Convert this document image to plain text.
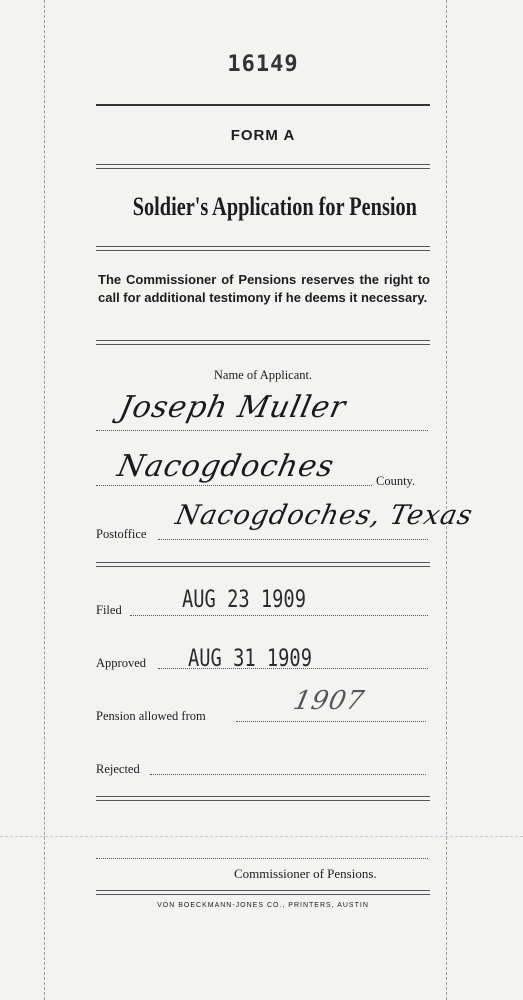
16149
FORM A
Soldier's Application for Pension
The Commissioner of Pensions reserves the right to call for additional testimony if he deems it necessary.
Name of Applicant.
Joseph Muller
Nacogdoches	County.
Postoffice
Nacogdoches, Texas
Filed	AUG 23 1909
Approved AUG 31 1909
Pension allowed from	1907
Rejected
Commissioner of Pensions.
VON BOECKMANN-JONES CO., PRINTERS, AUSTIN
